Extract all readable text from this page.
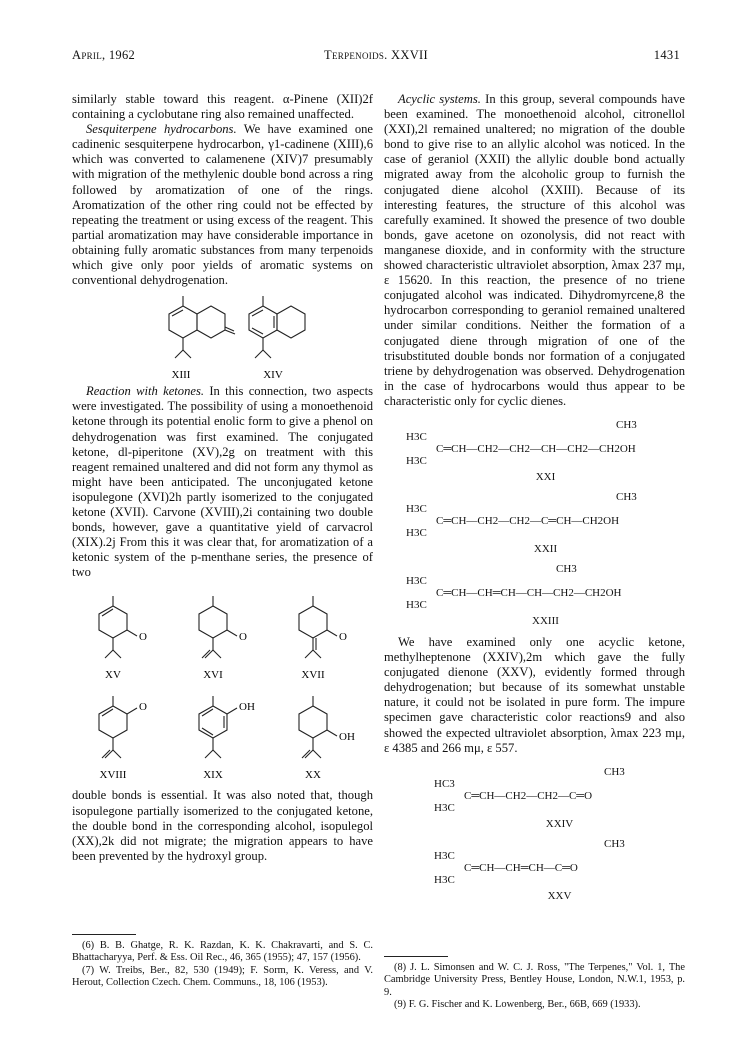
April, 1962	Terpenoids. XXVII	1431

similarly stable toward this reagent. α-Pinene (XII)2f containing a cyclobutane ring also remained unaffected.

Sesquiterpene hydrocarbons. We have examined one cadinenic sesquiterpene hydrocarbon, γ1-cadinene (XIII),6 which was converted to calamenene (XIV)7 presumably with migration of the methylenic double bond across a ring followed by aromatization of one of the rings. Aromatization of the other ring could not be effected by repeating the treatment or using excess of the reagent. This partial aromatization may have considerable importance in obtaining fully aromatic substances from many terpenoids which give only poor yields of aromatic systems on conventional dehydrogenation.

XIII	XIV

Reaction with ketones. In this connection, two aspects were investigated. The possibility of using a monoethenoid ketone through its potential enolic form to give a phenol on dehydrogenation was first examined. The conjugated ketone, dl-piperitone (XV),2g on treatment with this reagent remained unaltered and did not form any thymol as might have been anticipated. The unconjugated ketone isopulegone (XVI)2h partly isomerized to the conjugated ketone (XVII). Carvone (XVIII),2i containing two double bonds, however, gave a quantitative yield of carvacrol (XIX).2j From this it was clear that, for aromatization of a ketonic system of the p-menthane series, the presence of two

O	O	O
O	OH
OH
XV	XVI	XVII
XVIII	XIX	XX

double bonds is essential. It was also noted that, though isopulegone partially isomerized to the conjugated ketone, the double bond in the corresponding alcohol, isopulegol (XX),2k did not migrate; the migration appears to have been prevented by the hydroxyl group.

(6) B. B. Ghatge, R. K. Razdan, K. K. Chakravarti, and S. C. Bhattacharyya, Perf. & Ess. Oil Rec., 46, 365 (1955); 47, 157 (1956).

(7) W. Treibs, Ber., 82, 530 (1949); F. Sorm, K. Veress, and V. Herout, Collection Czech. Chem. Communs., 18, 106 (1953).

Acyclic systems. In this group, several compounds have been examined. The monoethenoid alcohol, citronellol (XXI),2l remained unaltered; no migration of the double bond to give rise to an allylic alcohol was noticed. In the case of geraniol (XXII) the allylic double bond actually migrated away from the alcoholic group to furnish the conjugated diene alcohol (XXIII). Because of its interesting features, the structure of this alcohol was carefully examined. It showed the presence of two double bonds, gave acetone on ozonolysis, did not react with manganese dioxide, and in conformity with the structure showed characteristic ultraviolet absorption, λmax 237 mμ, ε 15620. In this reaction, the presence of no triene conjugated alcohol was indicated. Dihydromyrcene,8 the hydrocarbon corresponding to geraniol remained unaltered under similar conditions. Neither the formation of a conjugated diene through migration of one of the trisubstituted double bonds nor formation of a conjugated triene by dehydrogenation was observed. Dehydrogenation in the case of hydrocarbons would thus appear to be characteristic only for cyclic dienes.

CH3
H3C
C═CH—CH2—CH2—CH—CH2—CH2OH
H3C
XXI
CH3
H3C
C═CH—CH2—CH2—C═CH—CH2OH
H3C
XXII
CH3
H3C
C═CH—CH═CH—CH—CH2—CH2OH
H3C
XXIII

We have examined only one acyclic ketone, methylheptenone (XXIV),2m which gave the fully conjugated dienone (XXV), evidently formed through dehydrogenation; but because of its somewhat unstable nature, it could not be isolated in pure form. The impure specimen gave characteristic color reactions9 and also showed the expected ultraviolet absorption, λmax 223 mμ, ε 4385 and 266 mμ, ε 557.

CH3
HC3
C═CH—CH2—CH2—C═O
H3C
XXIV
CH3
H3C
C═CH—CH═CH—C═O
H3C
XXV

(8) J. L. Simonsen and W. C. J. Ross, "The Terpenes," Vol. 1, The Cambridge University Press, Bentley House, London, N.W.1, 1953, p. 9.

(9) F. G. Fischer and K. Lowenberg, Ber., 66B, 669 (1933).
